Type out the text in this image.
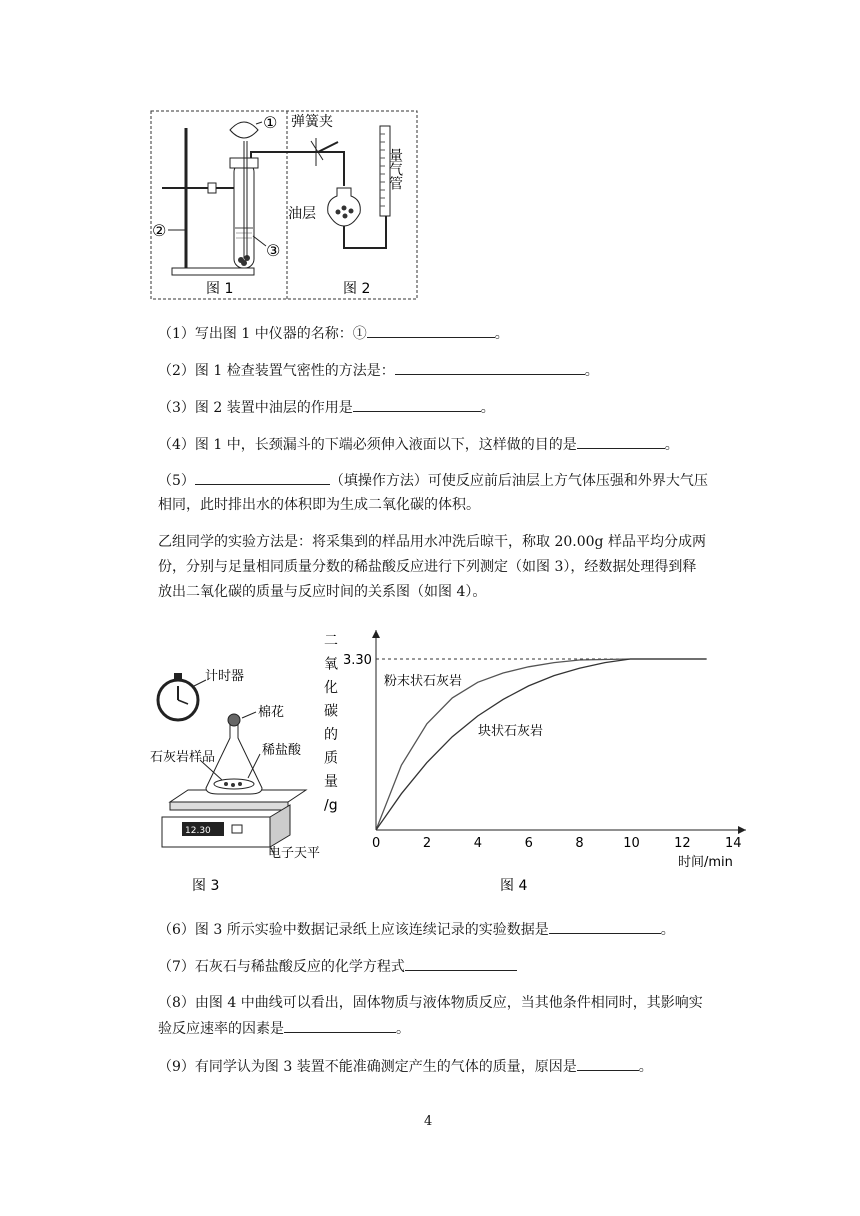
①
②
③
弹簧夹
油层
量气管
图 1	图 2
（1）写出图 1 中仪器的名称：①	。
（2）图 1 检查装置气密性的方法是：	。
（3）图 2 装置中油层的作用是	。
（4）图 1 中，长颈漏斗的下端必须伸入液面以下，这样做的目的是	。
（5）	（填操作方法）可使反应前后油层上方气体压强和外界大气压
相同，此时排出水的体积即为生成二氧化碳的体积。
乙组同学的实验方法是：将采集到的样品用水冲洗后晾干，称取 20.00g 样品平均分成两
份，分别与足量相同质量分数的稀盐酸反应进行下列测定（如图 3），经数据处理得到释
放出二氧化碳的质量与反应时间的关系图（如图 4）。
计时器
12.30
棉花
石灰岩样品	稀盐酸
电子天平
图 3
二
氧
化
碳
的
质
量
/g
0	2	4	6	8	10	12	14
3.30
时间/min
粉末状石灰岩
块状石灰岩
图 4
（6）图 3 所示实验中数据记录纸上应该连续记录的实验数据是	。
（7）石灰石与稀盐酸反应的化学方程式
（8）由图 4 中曲线可以看出，固体物质与液体物质反应，当其他条件相同时，其影响实
验反应速率的因素是	。
（9）有同学认为图 3 装置不能准确测定产生的气体的质量，原因是	。
4
